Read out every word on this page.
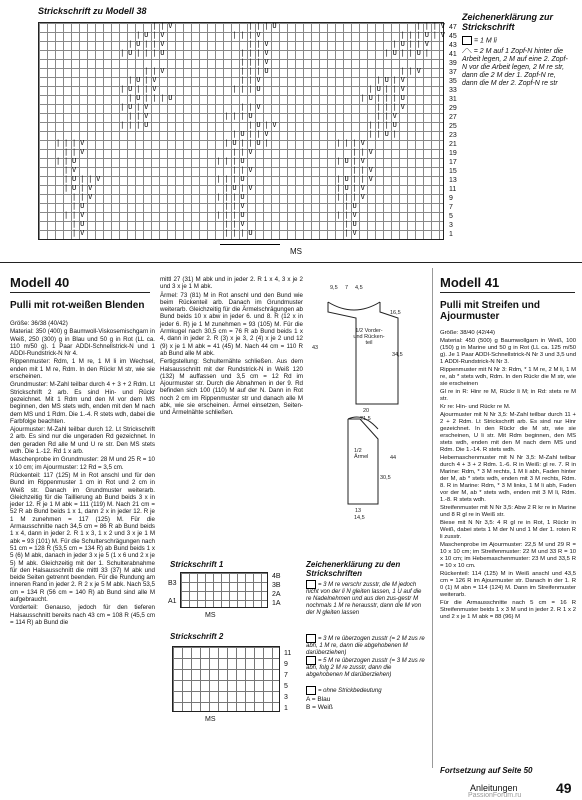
Strickschrift zu Modell 38
||V         |||U                 |||V
|U|V        |||V                 |||U|V
|U||V          ||V               |U||V
|U|||U         |||V              |U||U|
|||V
||V         |||U                ||V
|U|V          ||V              |U|V
|U||V         |||U             |U||V
|U|||U                       |U|||U
|U|V           ||V              |||V
||V         |||U               ||V
|||U            |U|V           |||U
|U||V            ||U|
|||V                 |U||U|        |||V
||V                  ||V            ||V
||U                 |||U           |U|V
|V                   ||V            ||V
|U||V              |||U           |U||V
|U|V                |U|V          |U|V
||V               |||U           |||V
|U                 ||V            |U
||V                |||U           ||V
|U                 ||V            |U
|V                 |||U           |V
47
45
43
41
39
37
35
33
31
29
27
25
23
21
19
17
15
13
11
9
7
5
3
1
MS
Zeichenerklärung zur Strickschrift
= 1 M li
⟋⟍ = 2 M auf 1 Zopf-N hinter die Arbeit legen, 2 M auf eine 2. Zopf-N vor die Arbeit legen, 2 M re str, dann die 2 M der 1. Zopf-N re, dann die M der 2. Zopf-N re str
Modell 40
Pulli mit rot-weißen Blenden

Größe: 36/38 (40/42)

Material: 350 (400) g Baumwoll-Viskosemischgarn in Weiß, 250 (300) g in Blau und 50 g in Rot (LL ca. 110 m/50 g). 1 Paar ADDI-Schnellstrick-N und 1 ADDI-Rundstrick-N Nr 4.

Rippenmuster: Rdm, 1 M re, 1 M li im Wechsel, enden mit 1 M re, Rdm. In den Rückr M str, wie sie erscheinen.

Grundmuster: M-Zahl teilbar durch 4 + 3 + 2 Rdm. Lt Strickschrift 2 arb. Es sind Hin- und Rückr gezeichnet. Mit 1 Rdm und den M vor dem MS beginnen, den MS stets wdh, enden mit den M nach dem MS und 1 Rdm. Die 1.-4. R stets wdh, dabei die Farbfolge beachten.

Ajourmuster: M-Zahl teilbar durch 12. Lt Strickschrift 2 arb. Es sind nur die ungeraden Rd gezeichnet. In den geraden Rd alle M und U re str. Den MS stets wdh. Die 1.-12. Rd 1 x arb.

Maschenprobe im Grundmuster: 28 M und 25 R = 10 x 10 cm; im Ajourmuster: 12 Rd = 3,5 cm.

Rückenteil: 117 (125) M in Rot anschl und für den Bund im Rippenmuster 1 cm in Rot und 2 cm in Weiß str. Danach im Grundmuster weiterarb. Gleichzeitig für die Taillierung ab Bund beids 3 x in jeder 12. R je 1 M abk = 111 (119) M. Nach 21 cm = 52 R ab Bund beids 1 x 1, dann 2 x in jeder 12. R je 1 M zunehmen = 117 (125) M. Für die Armausschnitte nach 34,5 cm = 86 R ab Bund beids 1 x 4, dann in jeder 2. R 1 x 3, 1 x 2 und 3 x je 1 M abk = 93 (101) M. Für die Schulterschrägungen nach 51 cm = 128 R (53,5 cm = 134 R) ab Bund beids 1 x 5 (6) M abk, danach in jeder 3 x je 5 (1 x 6 und 2 x je 5) M abk. Gleichzeitig mit der 1. Schulterabnahme für den Halsausschnitt die mittl 33 (37) M abk und beide Seiten getrennt beenden. Für die Rundung am inneren Rand in jeder 2. R 2 x je 5 M abk. Nach 53,5 cm = 134 R (56 cm = 140 R) ab Bund sind alle M aufgebraucht.

Vorderteil: Genauso, jedoch für den tieferen Halsausschnitt bereits nach 43 cm = 108 R (45,5 cm = 114 R) ab Bund die

mittl 27 (31) M abk und in jeder 2. R 1 x 4, 3 x je 2 und 3 x je 1 M abk.

Ärmel: 73 (81) M in Rot anschl und den Bund wie beim Rückenteil arb. Danach im Grundmuster weiterarb. Gleichzeitig für die Ärmelschrägungen ab Bund beids 10 x abw in jeder 6. und 8. R (12 x in jeder 6. R) je 1 M zunehmen = 93 (105) M. Für die Armkugel nach 30,5 cm = 76 R ab Bund beids 1 x 4, dann in jeder 2. R (3) x je 3, 2 (4) x je 2 und 12 (9) x je 1 M abk = 41 (45) M. Nach 44 cm = 110 R ab Bund alle M abk.

Fertigstellung: Schulternähte schließen. Aus dem Halsausschnitt mit der Rundstrick-N in Weiß 120 (132) M auffassen und 3,5 cm = 12 Rd im Ajourmuster str. Durch die Abnahmen in der 9. Rd befinden sich 100 (110) M auf der N. Dann in Rot noch 2 cm im Rippenmuster str und danach alle M abk, wie sie erscheinen. Ärmel einsetzen, Seiten- und Ärmelnähte schließen.

9,5 7 4,5
16,5
43
34,5
1/2 Vorder- und Rücken-teil
20
21,5
1/2 Ärmel	44
30,5
13
14,5
Strickschrift 1
B3
A1
4B
3B
2A
1A
MS
Strickschrift 2
11
9
7
5
3
1
MS
Zeichenerklärung zu den Strickschriften
= 3 M re verschr zusstr, die M jedoch nicht von der li N gleiten lassen, 1 U auf die re Nadelnehmen und aus den zus-gestr M nochmals 1 M re herausstr, dann die M von der N gleiten lassen
= 3 M re überzogen zusstr (= 2 M zus re abh, 1 M re, dann die abgehobenen M darüberziehen)
= 5 M re überzogen zusstr (= 3 M zus re abh, folg 2 M re zusstr, dann die abgehobenen M darüberziehen)
= ohne Strickbedeutung
A = Blau
B = Weiß
Modell 41
Pulli mit Streifen und Ajourmuster

Größe: 38/40 (42/44)

Material: 450 (500) g Baumwollgarn in Weiß, 100 (150) g in Marine und 50 g in Rot (LL ca. 125 m/50 g). Je 1 Paar ADDI-Schnellstrick-N Nr 3 und 3,5 und 1 ADDI-Rundstrick-N Nr 3.

Rippenmuster mit N Nr 3: Rdm, * 1 M re, 2 M li, 1 M re, ab * stets wdh, Rdm. In den Rückr die M str, wie sie erscheinen

Gl re in R: Hinr re M, Rückr li M; in Rd: stets re M str.

Kr re: Hin- und Rückr re M.

Ajourmuster mit N Nr 3,5: M-Zahl teilbar durch 11 + 2 + 2 Rdm. Lt Strickschrift arb. Es sind nur Hinr gezeichnet. In den Rückr die M str, wie sie erscheinen, U li str. Mit Rdm beginnen, den MS stets wdh, enden mit den M nach dem MS und Rdm. Die 1.-14. R stets wdh.

Hebemaschenmuster mit N Nr 3,5: M-Zahl teilbar durch 4 + 3 + 2 Rdm. 1.-6. R in Weiß: gl re. 7. R in Marine: Rdm, * 3 M rechts, 1 M li abh, Faden hinter der M, ab * stets wdh, enden mit 3 M rechts, Rdm. 8. R in Marine: Rdm, * 3 M links, 1 M li abh, Faden vor der M, ab * stets wdh, enden mit 3 M li, Rdm. 1.-8. R stets wdh.

Streifenmuster mit N Nr 3,5: Abw 2 R kr re in Marine und 8 R gl re in Weiß str.

Biese mit N Nr 3,5: 4 R gl re in Rot, 1 Rückr in Weiß, dabei stets 1 M der N und 1 M der 1. roten R li zusstr.

Maschenprobe im Ajourmuster: 22,5 M und 29 R = 10 x 10 cm; im Streifenmuster: 22 M und 33 R = 10 x 10 cm; im Hebemaschenmuster: 23 M und 33,5 R = 10 x 10 cm.

Rückenteil: 114 (125) M in Weiß anschl und 43,5 cm = 126 R im Ajourmuster str. Danach in der 1. R 0 (1) M abn = 114 (124) M. Dann im Streifenmuster weiterarb.

Für die Armausschnitte nach 5 cm = 16 R Streifenmuster beids 1 x 3 M und in jeder 2. R 1 x 2 und 2 x je 1 M abk = 88 (96) M

Fortsetzung auf Seite 50
Anleitungen	49
PassionForum.ru
